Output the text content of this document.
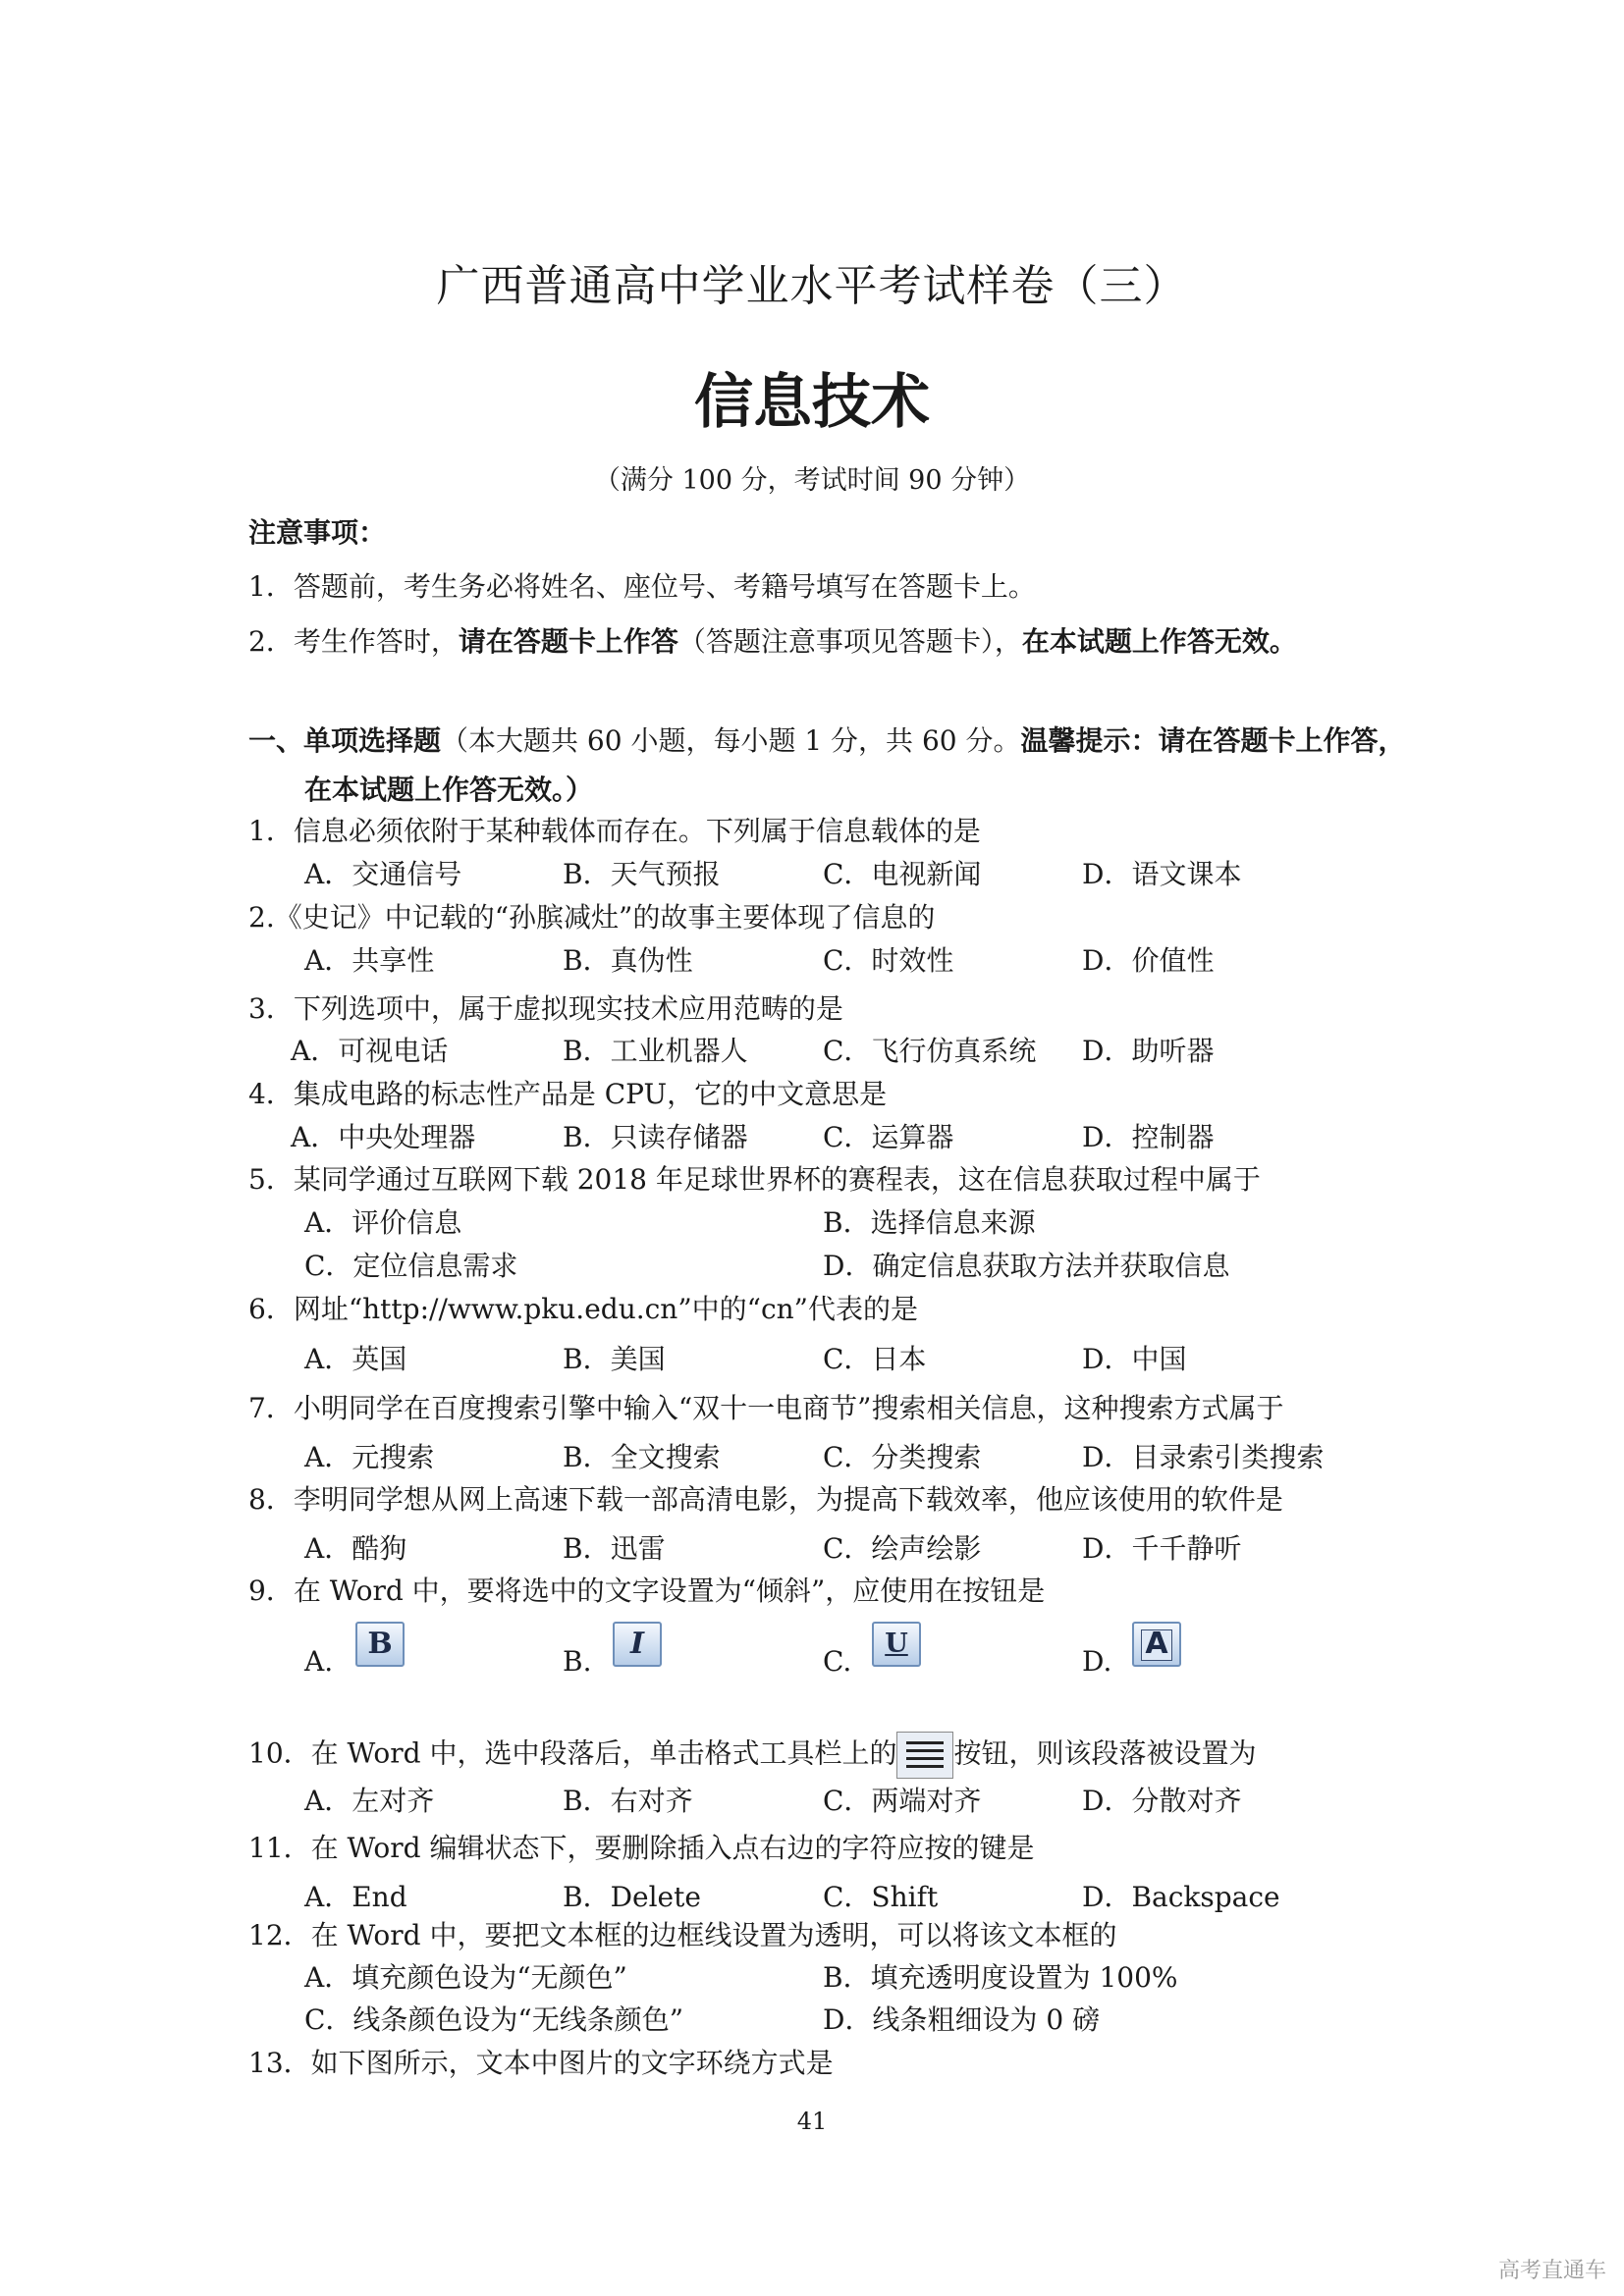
广西普通高中学业水平考试样卷（三）
信息技术
（满分 100 分，考试时间 90 分钟）
注意事项：
1．答题前，考生务必将姓名、座位号、考籍号填写在答题卡上。
2．考生作答时，请在答题卡上作答（答题注意事项见答题卡），在本试题上作答无效。
一、单项选择题（本大题共 60 小题，每小题 1 分，共 60 分。温馨提示：请在答题卡上作答，
在本试题上作答无效。）
1．信息必须依附于某种载体而存在。下列属于信息载体的是
A．交通信号	B．天气预报	C．电视新闻	D．语文课本
2.《史记》中记载的“孙膑减灶”的故事主要体现了信息的
A．共享性	B．真伪性	C．时效性	D．价值性
3．下列选项中，属于虚拟现实技术应用范畴的是
A．可视电话	B．工业机器人	C．飞行仿真系统 D．助听器
4．集成电路的标志性产品是 CPU，它的中文意思是
A．中央处理器	B．只读存储器	C．运算器	D．控制器
5．某同学通过互联网下载 2018 年足球世界杯的赛程表，这在信息获取过程中属于
A．评价信息	B．选择信息来源
C．定位信息需求	D．确定信息获取方法并获取信息
6．网址“http://www.pku.edu.cn”中的“cn”代表的是
A．英国	B．美国	C．日本	D．中国
7．小明同学在百度搜索引擎中输入“双十一电商节”搜索相关信息，这种搜索方式属于
A．元搜索	B．全文搜索	C．分类搜索	D．目录索引类搜索
8．李明同学想从网上高速下载一部高清电影，为提高下载效率，他应该使用的软件是
A．酷狗	B．迅雷	C．绘声绘影	D．千千静听
9．在 Word 中，要将选中的文字设置为“倾斜”，应使用在按钮是
A.
B
B.
I
C.
U
D.
A
10．在 Word 中，选中段落后，单击格式工具栏上的 按钮，则该段落被设置为
A．左对齐	B．右对齐	C．两端对齐	D．分散对齐
11．在 Word 编辑状态下，要删除插入点右边的字符应按的键是
A．End	B．Delete	C．Shift	D．Backspace
12．在 Word 中，要把文本框的边框线设置为透明，可以将该文本框的
A．填充颜色设为“无颜色”	B．填充透明度设置为 100%
C．线条颜色设为“无线条颜色”	D．线条粗细设为 0 磅
13．如下图所示，文本中图片的文字环绕方式是
41
高考直通车
